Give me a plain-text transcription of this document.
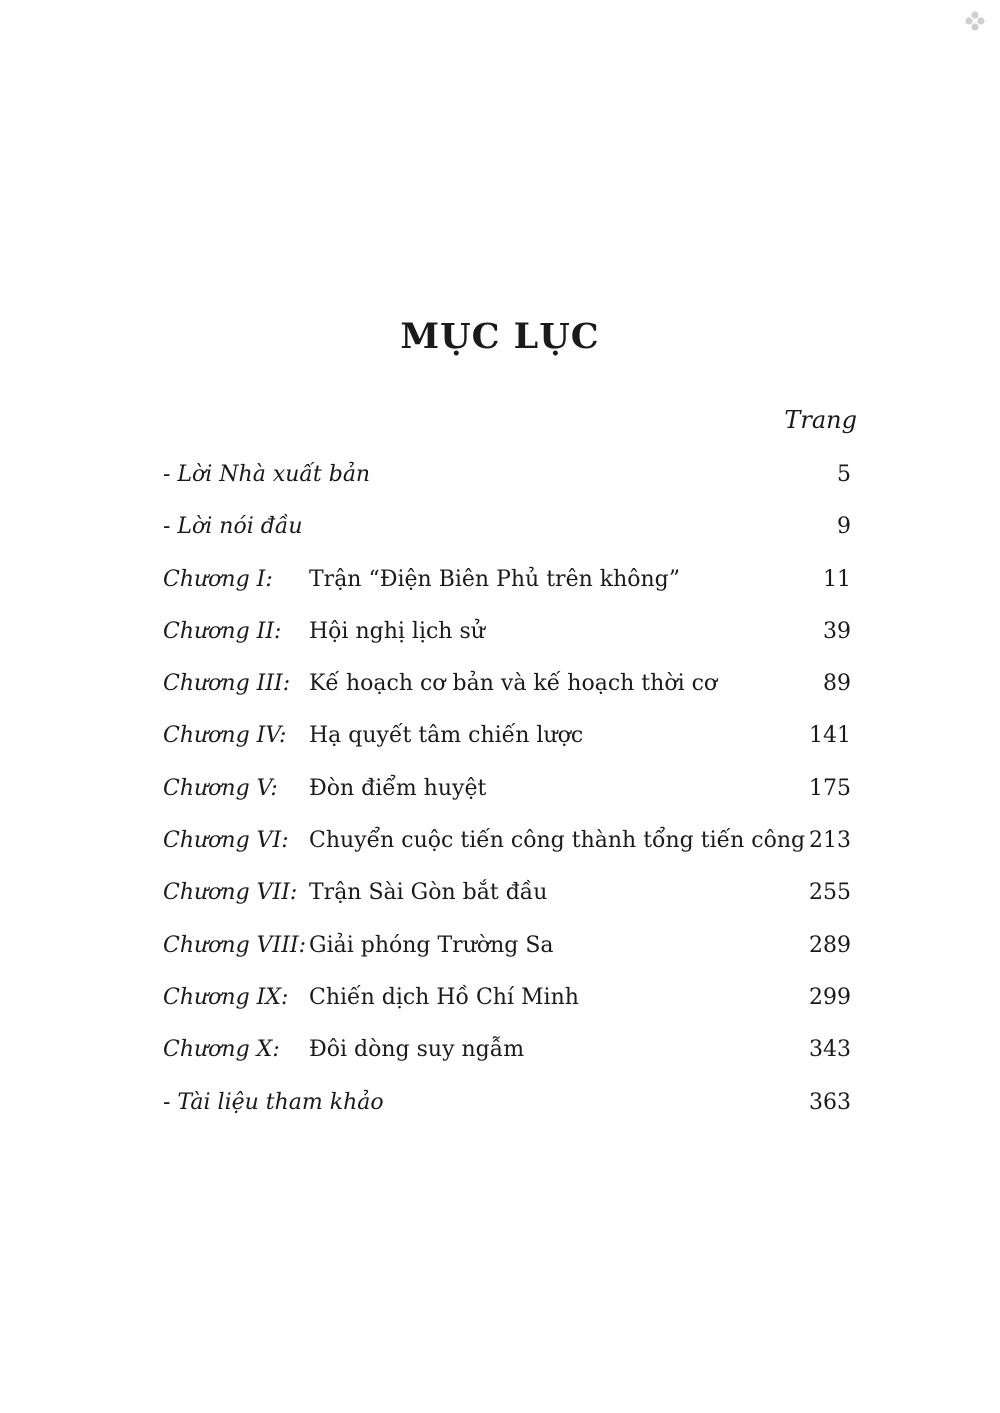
MỤC LỤC
Trang
- Lời Nhà xuất bản	5
- Lời nói đầu	9
Chương I: Trận “Điện Biên Phủ trên không”	11
Chương II: Hội nghị lịch sử	39
Chương III: Kế hoạch cơ bản và kế hoạch thời cơ	89
Chương IV: Hạ quyết tâm chiến lược	141
Chương V: Đòn điểm huyệt	175
Chương VI: Chuyển cuộc tiến công thành tổng tiến công 213
Chương VII: Trận Sài Gòn bắt đầu	255
Chương VIII: Giải phóng Trường Sa	289
Chương IX: Chiến dịch Hồ Chí Minh	299
Chương X: Đôi dòng suy ngẫm	343
- Tài liệu tham khảo	363
